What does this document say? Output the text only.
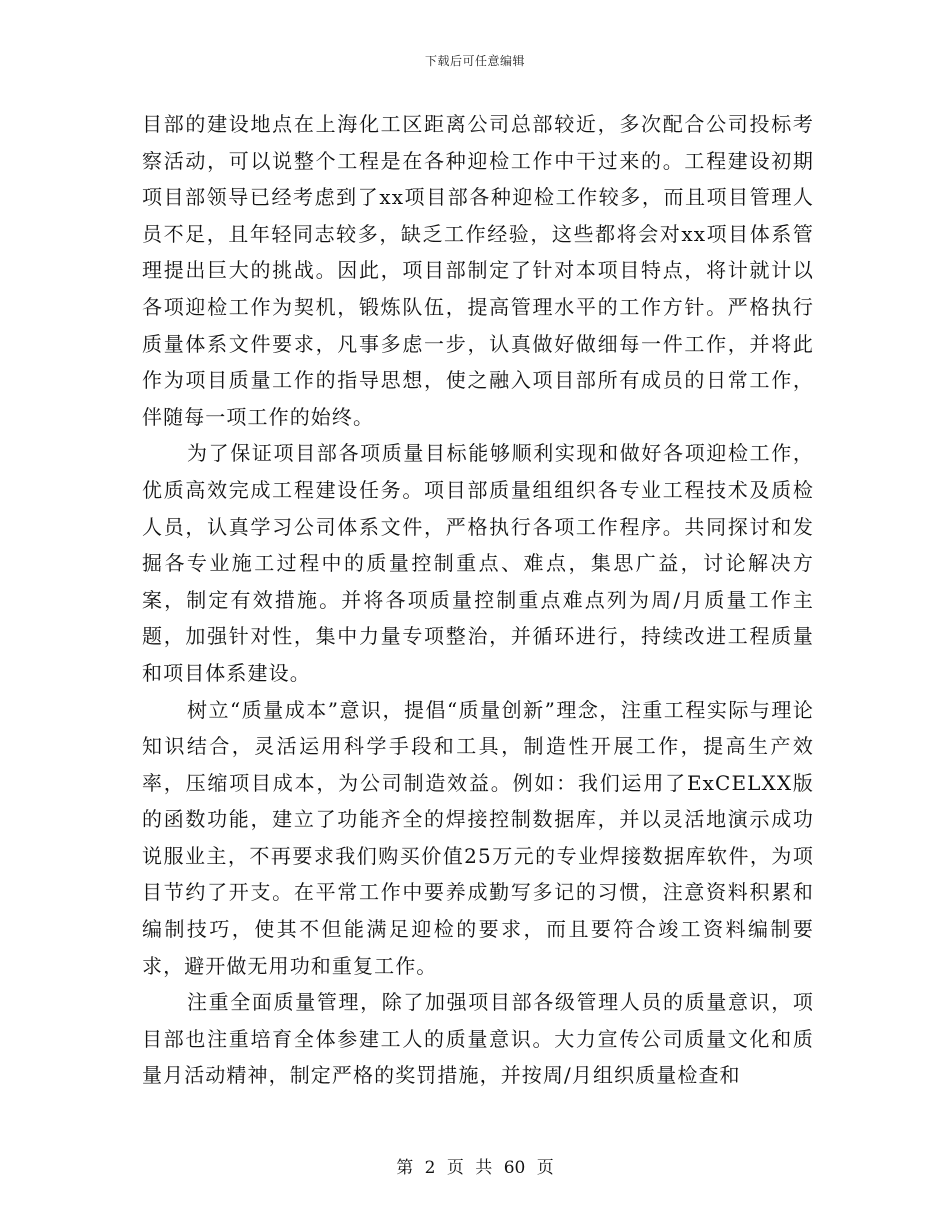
下载后可任意编辑

目部的建设地点在上海化工区距离公司总部较近，多次配合公司投标考察活动，可以说整个工程是在各种迎检工作中干过来的。工程建设初期项目部领导已经考虑到了xx项目部各种迎检工作较多，而且项目管理人员不足，且年轻同志较多，缺乏工作经验，这些都将会对xx项目体系管理提出巨大的挑战。因此，项目部制定了针对本项目特点，将计就计以各项迎检工作为契机，锻炼队伍，提高管理水平的工作方针。严格执行质量体系文件要求，凡事多虑一步，认真做好做细每一件工作，并将此作为项目质量工作的指导思想，使之融入项目部所有成员的日常工作，伴随每一项工作的始终。

为了保证项目部各项质量目标能够顺利实现和做好各项迎检工作，优质高效完成工程建设任务。项目部质量组组织各专业工程技术及质检人员，认真学习公司体系文件，严格执行各项工作程序。共同探讨和发掘各专业施工过程中的质量控制重点、难点，集思广益，讨论解决方案，制定有效措施。并将各项质量控制重点难点列为周/月质量工作主题，加强针对性，集中力量专项整治，并循环进行，持续改进工程质量和项目体系建设。

树立“质量成本”意识，提倡“质量创新”理念，注重工程实际与理论知识结合，灵活运用科学手段和工具，制造性开展工作，提高生产效率，压缩项目成本，为公司制造效益。例如：我们运用了ExCELXX版的函数功能，建立了功能齐全的焊接控制数据库，并以灵活地演示成功说服业主，不再要求我们购买价值25万元的专业焊接数据库软件，为项目节约了开支。在平常工作中要养成勤写多记的习惯，注意资料积累和编制技巧，使其不但能满足迎检的要求，而且要符合竣工资料编制要求，避开做无用功和重复工作。

注重全面质量管理，除了加强项目部各级管理人员的质量意识，项目部也注重培育全体参建工人的质量意识。大力宣传公司质量文化和质量月活动精神，制定严格的奖罚措施，并按周/月组织质量检查和

第 2 页 共 60 页
